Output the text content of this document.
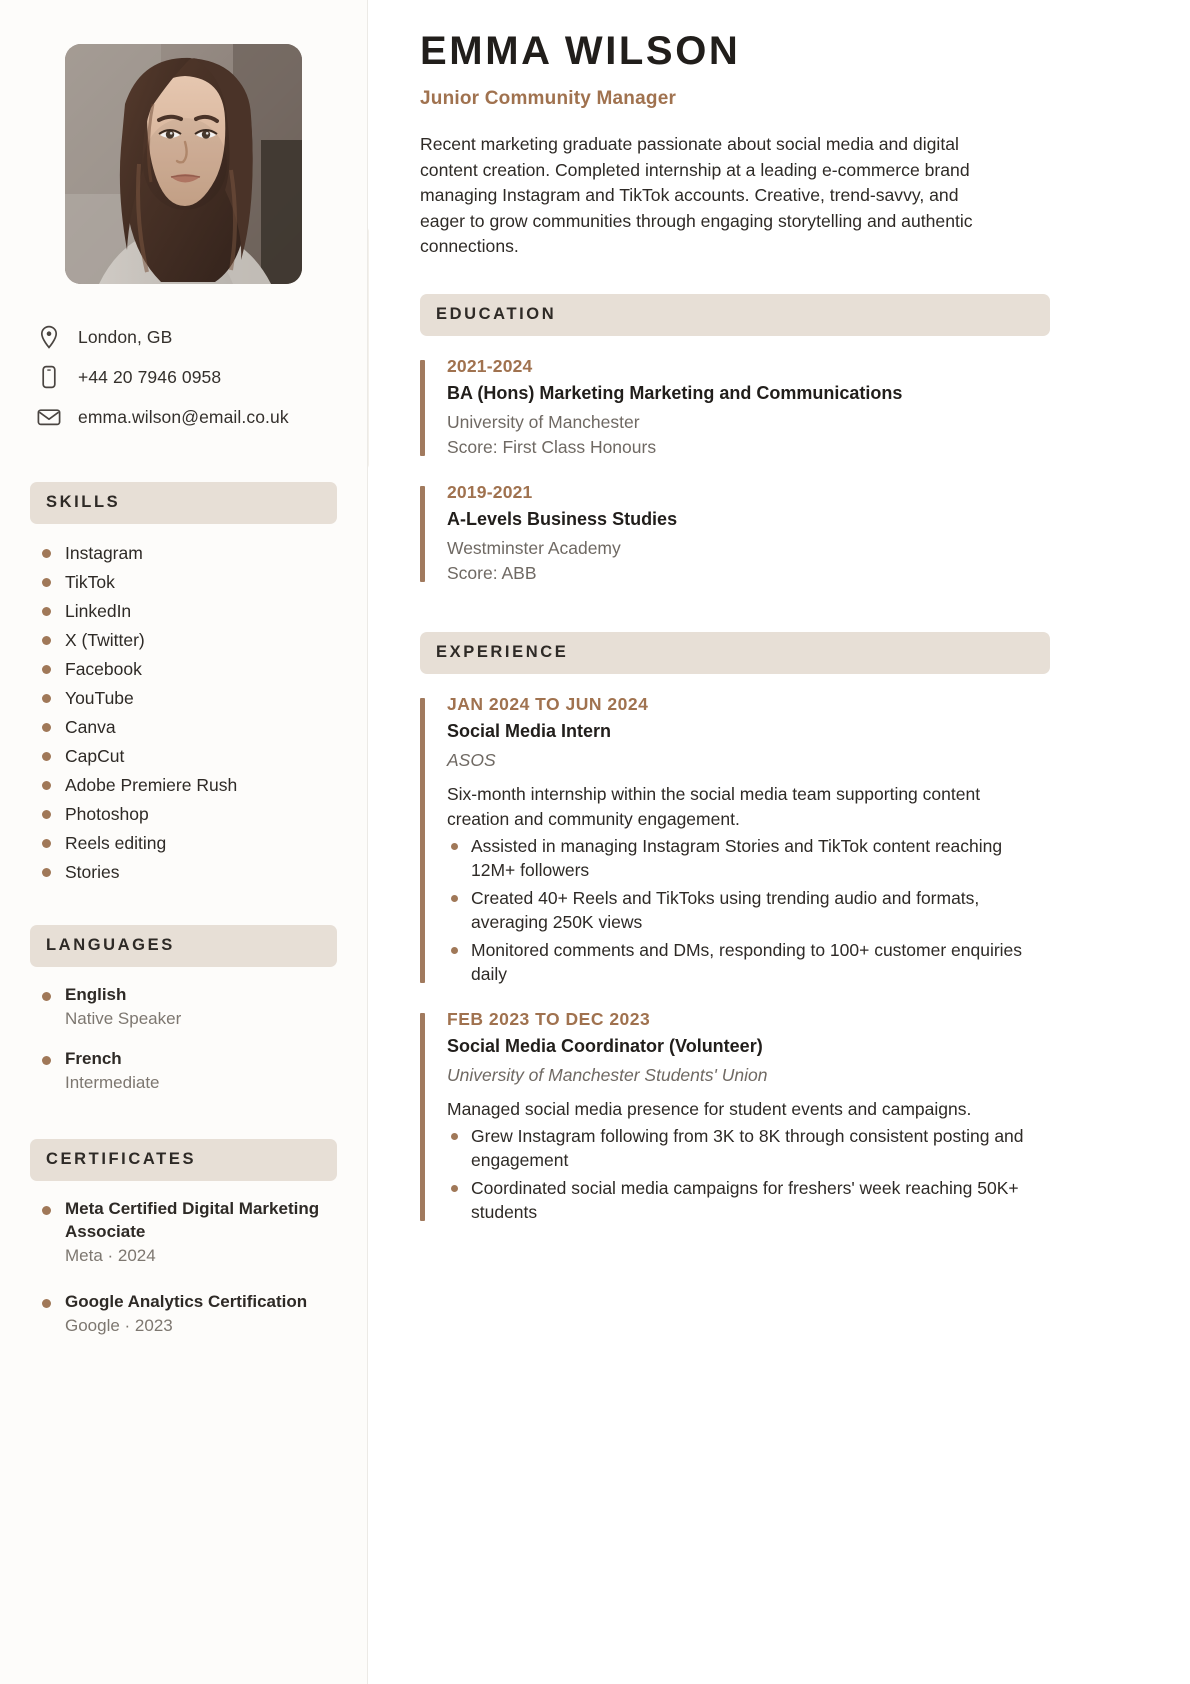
London, GB
+44 20 7946 0958
emma.wilson@email.co.uk
SKILLS
Instagram
TikTok
LinkedIn
X (Twitter)
Facebook
YouTube
Canva
CapCut
Adobe Premiere Rush
Photoshop
Reels editing
Stories
LANGUAGES
English
Native Speaker
French
Intermediate
CERTIFICATES
Meta Certified Digital Marketing Associate
Meta · 2024
Google Analytics Certification
Google · 2023
EMMA WILSON
Junior Community Manager

Recent marketing graduate passionate about social media and digital content creation. Completed internship at a leading e-commerce brand managing Instagram and TikTok accounts. Creative, trend-savvy, and eager to grow communities through engaging storytelling and authentic connections.

EDUCATION
2021-2024
BA (Hons) Marketing Marketing and Communications
University of Manchester
Score: First Class Honours
2019-2021
A-Levels Business Studies
Westminster Academy
Score: ABB
EXPERIENCE
JAN 2024 TO JUN 2024
Social Media Intern
ASOS
Six-month internship within the social media team supporting content creation and community engagement.
Assisted in managing Instagram Stories and TikTok content reaching 12M+ followers
Created 40+ Reels and TikToks using trending audio and formats, averaging 250K views
Monitored comments and DMs, responding to 100+ customer enquiries daily
FEB 2023 TO DEC 2023
Social Media Coordinator (Volunteer)
University of Manchester Students' Union
Managed social media presence for student events and campaigns.
Grew Instagram following from 3K to 8K through consistent posting and engagement
Coordinated social media campaigns for freshers' week reaching 50K+ students
